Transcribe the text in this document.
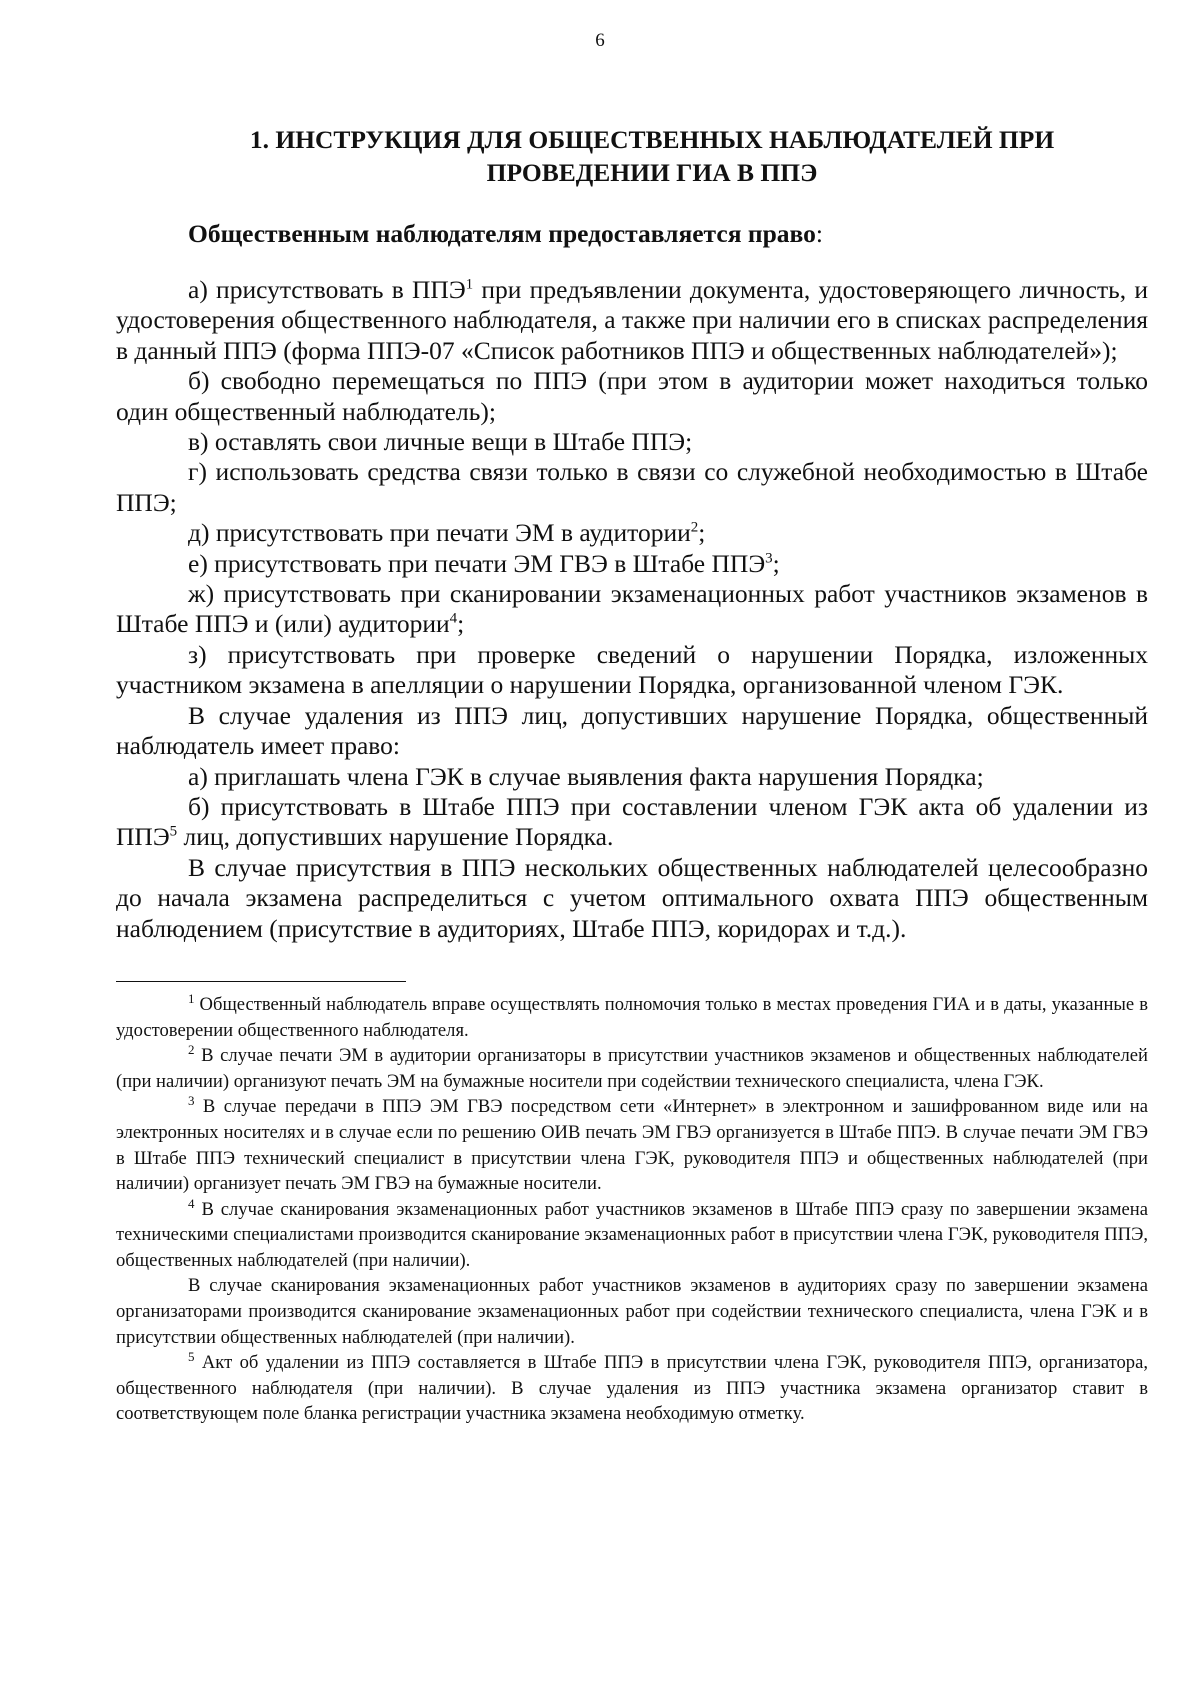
6
1. ИНСТРУКЦИЯ ДЛЯ ОБЩЕСТВЕННЫХ НАБЛЮДАТЕЛЕЙ ПРИ
ПРОВЕДЕНИИ ГИА В ППЭ

Общественным наблюдателям предоставляется право:

а) присутствовать в ППЭ$^1$ при предъявлении документа, удостоверяющего личность, и удостоверения общественного наблюдателя, а также при наличии его в списках распределения в данный ППЭ (форма ППЭ-07 «Список работников ППЭ и общественных наблюдателей»);

б) свободно перемещаться по ППЭ (при этом в аудитории может находиться только один общественный наблюдатель);

в) оставлять свои личные вещи в Штабе ППЭ;

г) использовать средства связи только в связи со служебной необходимостью в Штабе ППЭ;

д) присутствовать при печати ЭМ в аудитории$^2$;

е) присутствовать при печати ЭМ ГВЭ в Штабе ППЭ$^3$;

ж) присутствовать при сканировании экзаменационных работ участников экзаменов в Штабе ППЭ и (или) аудитории$^4$;

з) присутствовать при проверке сведений о нарушении Порядка, изложенных участником экзамена в апелляции о нарушении Порядка, организованной членом ГЭК.

В случае удаления из ППЭ лиц, допустивших нарушение Порядка, общественный наблюдатель имеет право:

а) приглашать члена ГЭК в случае выявления факта нарушения Порядка;

б) присутствовать в Штабе ППЭ при составлении членом ГЭК акта об удалении из ППЭ$^5$ лиц, допустивших нарушение Порядка.

В случае присутствия в ППЭ нескольких общественных наблюдателей целесообразно до начала экзамена распределиться с учетом оптимального охвата ППЭ общественным наблюдением (присутствие в аудиториях, Штабе ППЭ, коридорах и т.д.).

$^1$ Общественный наблюдатель вправе осуществлять полномочия только в местах проведения ГИА и в даты, указанные в удостоверении общественного наблюдателя.

$^2$ В случае печати ЭМ в аудитории организаторы в присутствии участников экзаменов и общественных наблюдателей (при наличии) организуют печать ЭМ на бумажные носители при содействии технического специалиста, члена ГЭК.

$^3$ В случае передачи в ППЭ ЭМ ГВЭ посредством сети «Интернет» в электронном и зашифрованном виде или на электронных носителях и в случае если по решению ОИВ печать ЭМ ГВЭ организуется в Штабе ППЭ. В случае печати ЭМ ГВЭ в Штабе ППЭ технический специалист в присутствии члена ГЭК, руководителя ППЭ и общественных наблюдателей (при наличии) организует печать ЭМ ГВЭ на бумажные носители.

$^4$ В случае сканирования экзаменационных работ участников экзаменов в Штабе ППЭ сразу по завершении экзамена техническими специалистами производится сканирование экзаменационных работ в присутствии члена ГЭК, руководителя ППЭ, общественных наблюдателей (при наличии).

В случае сканирования экзаменационных работ участников экзаменов в аудиториях сразу по завершении экзамена организаторами производится сканирование экзаменационных работ при содействии технического специалиста, члена ГЭК и в присутствии общественных наблюдателей (при наличии).

$^5$ Акт об удалении из ППЭ составляется в Штабе ППЭ в присутствии члена ГЭК, руководителя ППЭ, организатора, общественного наблюдателя (при наличии). В случае удаления из ППЭ участника экзамена организатор ставит в соответствующем поле бланка регистрации участника экзамена необходимую отметку.
